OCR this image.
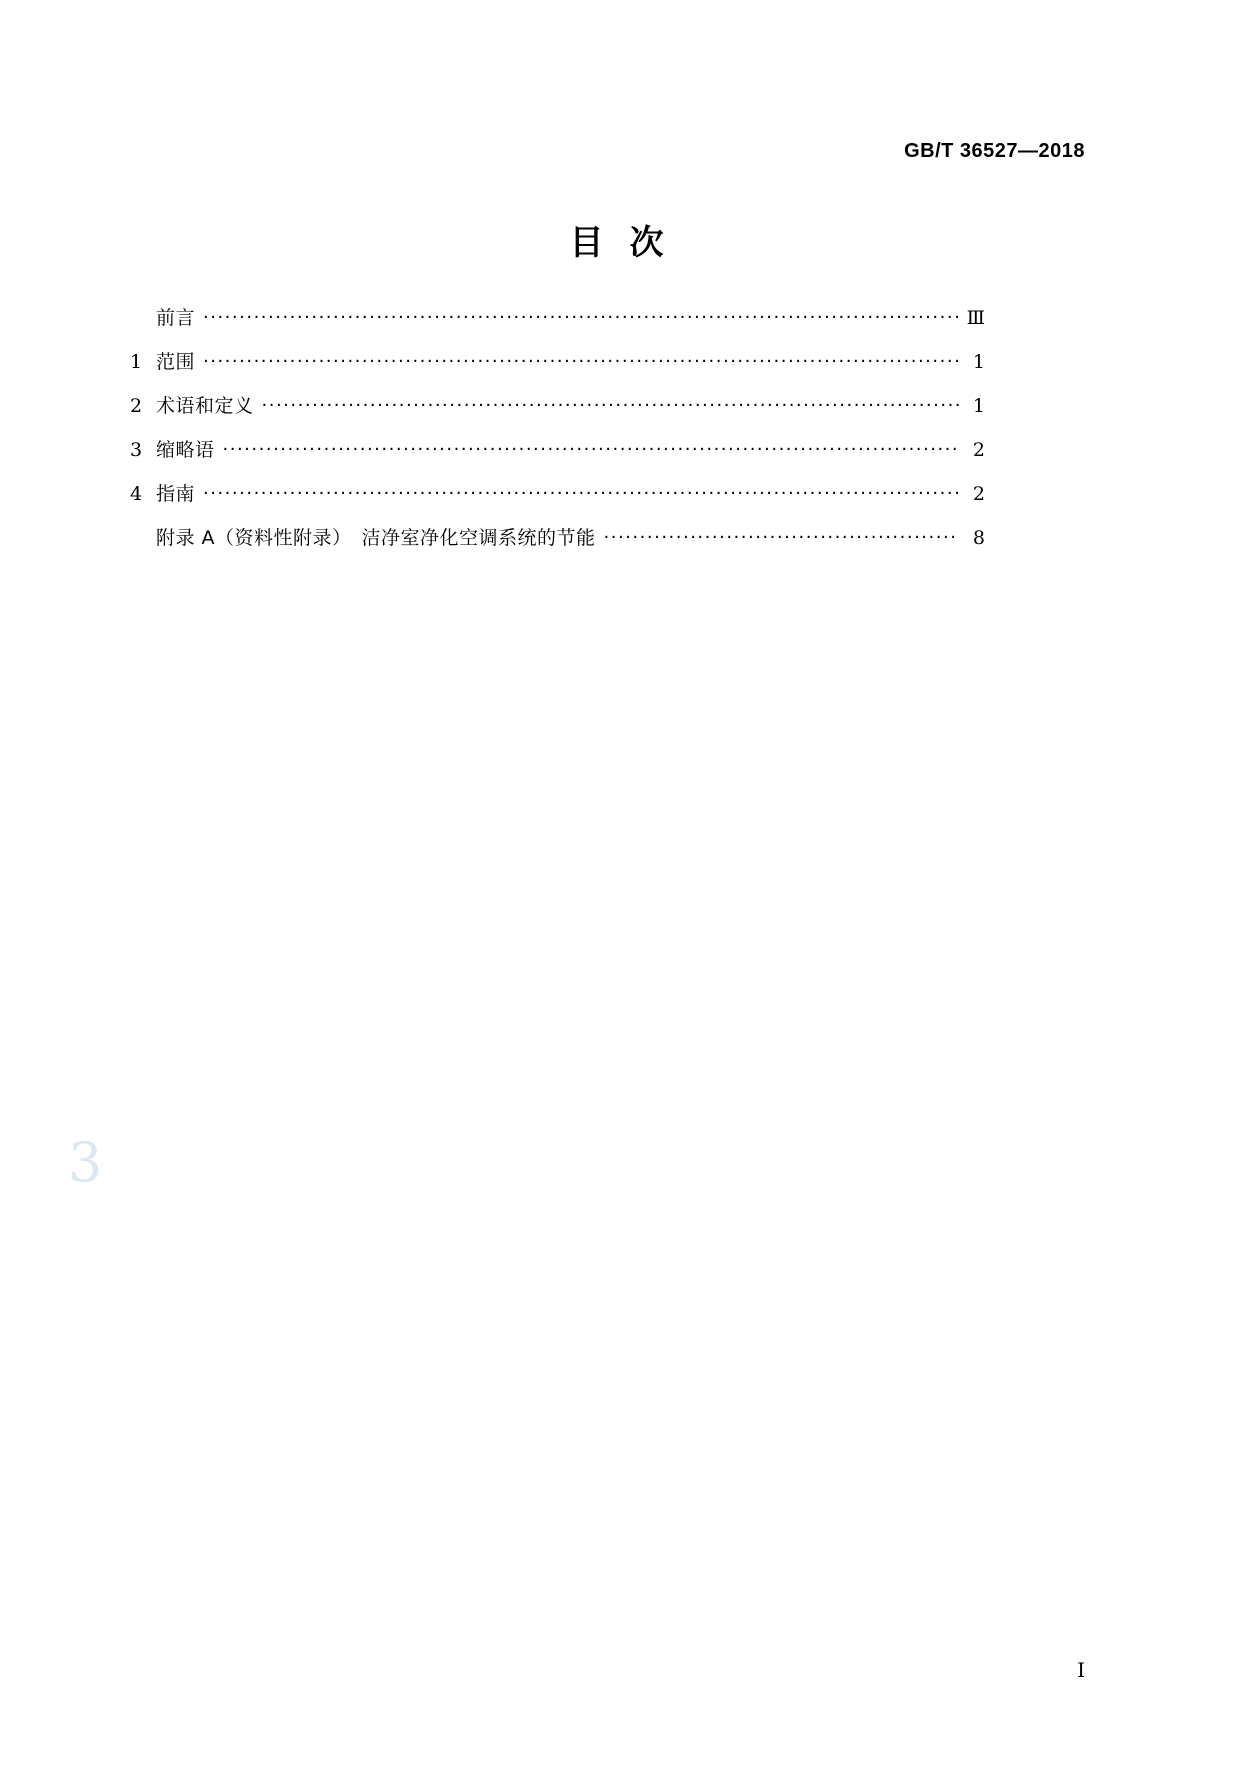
GB/T 36527—2018
目次
前言 ·····	Ⅲ
1 范围 ·····	1
2 术语和定义 ·····	1
3 缩略语 ·····	2
4 指南 ·····	2
附录 A（资料性附录）　洁净室净化空调系统的节能 ·····	8
3
I
